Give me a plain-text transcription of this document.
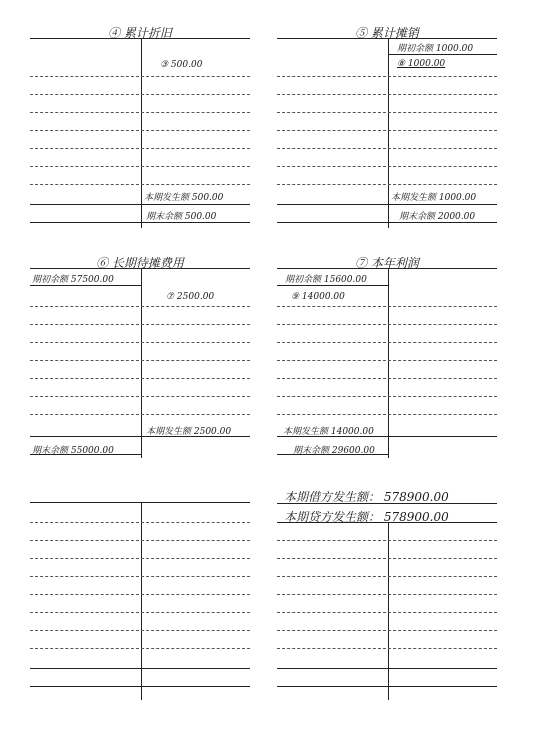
④ 累计折旧
③ 500.00
本期发生额 500.00
期末余额 500.00
⑤ 累计摊销
期初余额 1000.00
⑧ 1000.00
本期发生额 1000.00
期末余额 2000.00
⑥ 长期待摊费用
期初余额 57500.00
⑦ 2500.00
本期发生额 2500.00
期末余额 55000.00
⑦ 本年利润
期初余额 15600.00
⑨ 14000.00
本期发生额 14000.00
期末余额 29600.00
本期借方发生额： 578900.00
本期贷方发生额： 578900.00
